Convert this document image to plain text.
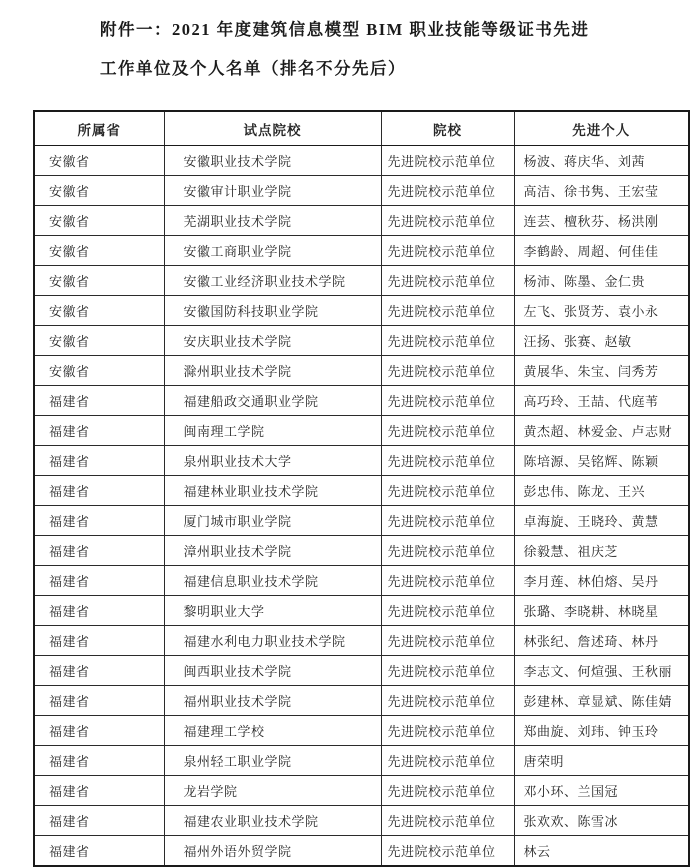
附件一：2021 年度建筑信息模型 BIM 职业技能等级证书先进
工作单位及个人名单（排名不分先后）
所属省	试点院校	院校	先进个人
安徽省	安徽职业技术学院	先进院校示范单位	杨波、蒋庆华、刘茜
安徽省	安徽审计职业学院	先进院校示范单位	高洁、徐书隽、王宏莹
安徽省	芜湖职业技术学院	先进院校示范单位	连芸、檀秋芬、杨洪刚
安徽省	安徽工商职业学院	先进院校示范单位	李鹤龄、周超、何佳佳
安徽省	安徽工业经济职业技术学院	先进院校示范单位	杨沛、陈墨、金仁贵
安徽省	安徽国防科技职业学院	先进院校示范单位	左飞、张贤芳、袁小永
安徽省	安庆职业技术学院	先进院校示范单位	汪扬、张赛、赵敏
安徽省	滁州职业技术学院	先进院校示范单位	黄展华、朱宝、闫秀芳
福建省	福建船政交通职业学院	先进院校示范单位	高巧玲、王喆、代庭苇
福建省	闽南理工学院	先进院校示范单位	黄杰超、林爱金、卢志财
福建省	泉州职业技术大学	先进院校示范单位	陈培源、吴铭辉、陈颖
福建省	福建林业职业技术学院	先进院校示范单位	彭忠伟、陈龙、王兴
福建省	厦门城市职业学院	先进院校示范单位	卓海旋、王晓玲、黄慧
福建省	漳州职业技术学院	先进院校示范单位	徐毅慧、祖庆芝
福建省	福建信息职业技术学院	先进院校示范单位	李月莲、林伯熔、吴丹
福建省	黎明职业大学	先进院校示范单位	张璐、李晓耕、林晓星
福建省	福建水利电力职业技术学院	先进院校示范单位	林张纪、詹述琦、林丹
福建省	闽西职业技术学院	先进院校示范单位	李志文、何煊强、王秋丽
福建省	福州职业技术学院	先进院校示范单位	彭建林、章显斌、陈佳婧
福建省	福建理工学校	先进院校示范单位	郑曲旋、刘玮、钟玉玲
福建省	泉州轻工职业学院	先进院校示范单位	唐荣明
福建省	龙岩学院	先进院校示范单位	邓小环、兰国冠
福建省	福建农业职业技术学院	先进院校示范单位	张欢欢、陈雪冰
福建省	福州外语外贸学院	先进院校示范单位	林云
